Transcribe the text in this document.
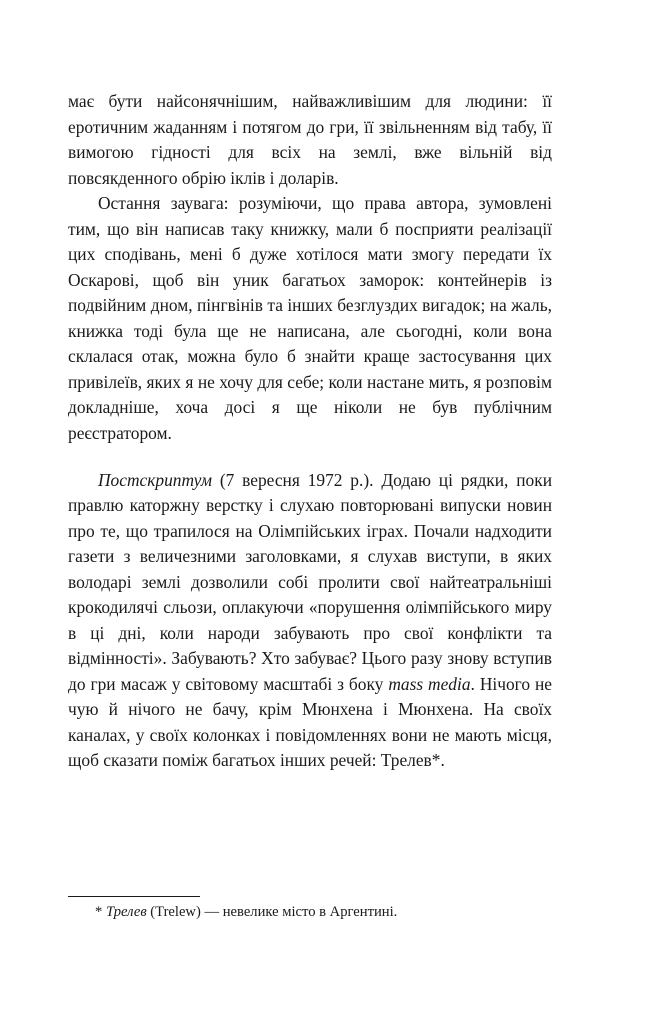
має бути найсонячнішим, найважливішим для людини: її еротичним жаданням і потягом до гри, її звільненням від табу, її вимогою гідності для всіх на землі, вже вільній від повсякденного обрію іклів і доларів.

Остання заувага: розуміючи, що права автора, зумовлені тим, що він написав таку книжку, мали б посприяти реалізації цих сподівань, мені б дуже хотілося мати змогу передати їх Оскарові, щоб він уник багатьох заморок: контейнерів із подвійним дном, пінгвінів та інших безглуздих вигадок; на жаль, книжка тоді була ще не написана, але сьогодні, коли вона склалася отак, можна було б знайти краще застосування цих привілеїв, яких я не хочу для себе; коли настане мить, я розповім докладніше, хоча досі я ще ніколи не був публічним реєстратором.

Постскриптум (7 вересня 1972 р.). Додаю ці рядки, поки правлю каторжну верстку і слухаю повторювані випуски новин про те, що трапилося на Олімпійських іграх. Почали надходити газети з величезними заголовками, я слухав виступи, в яких володарі землі дозволили собі пролити свої найтеатральніші крокодилячі сльози, оплакуючи «порушення олімпійського миру в ці дні, коли народи забувають про свої конфлікти та відмінності». Забувають? Хто забуває? Цього разу знову вступив до гри масаж у світовому масштабі з боку mass media. Нічого не чую й нічого не бачу, крім Мюнхена і Мюнхена. На своїх каналах, у своїх колонках і повідомленнях вони не мають місця, щоб сказати поміж багатьох інших речей: Трелев*.

* Трелев (Trelew) — невелике місто в Аргентині.
